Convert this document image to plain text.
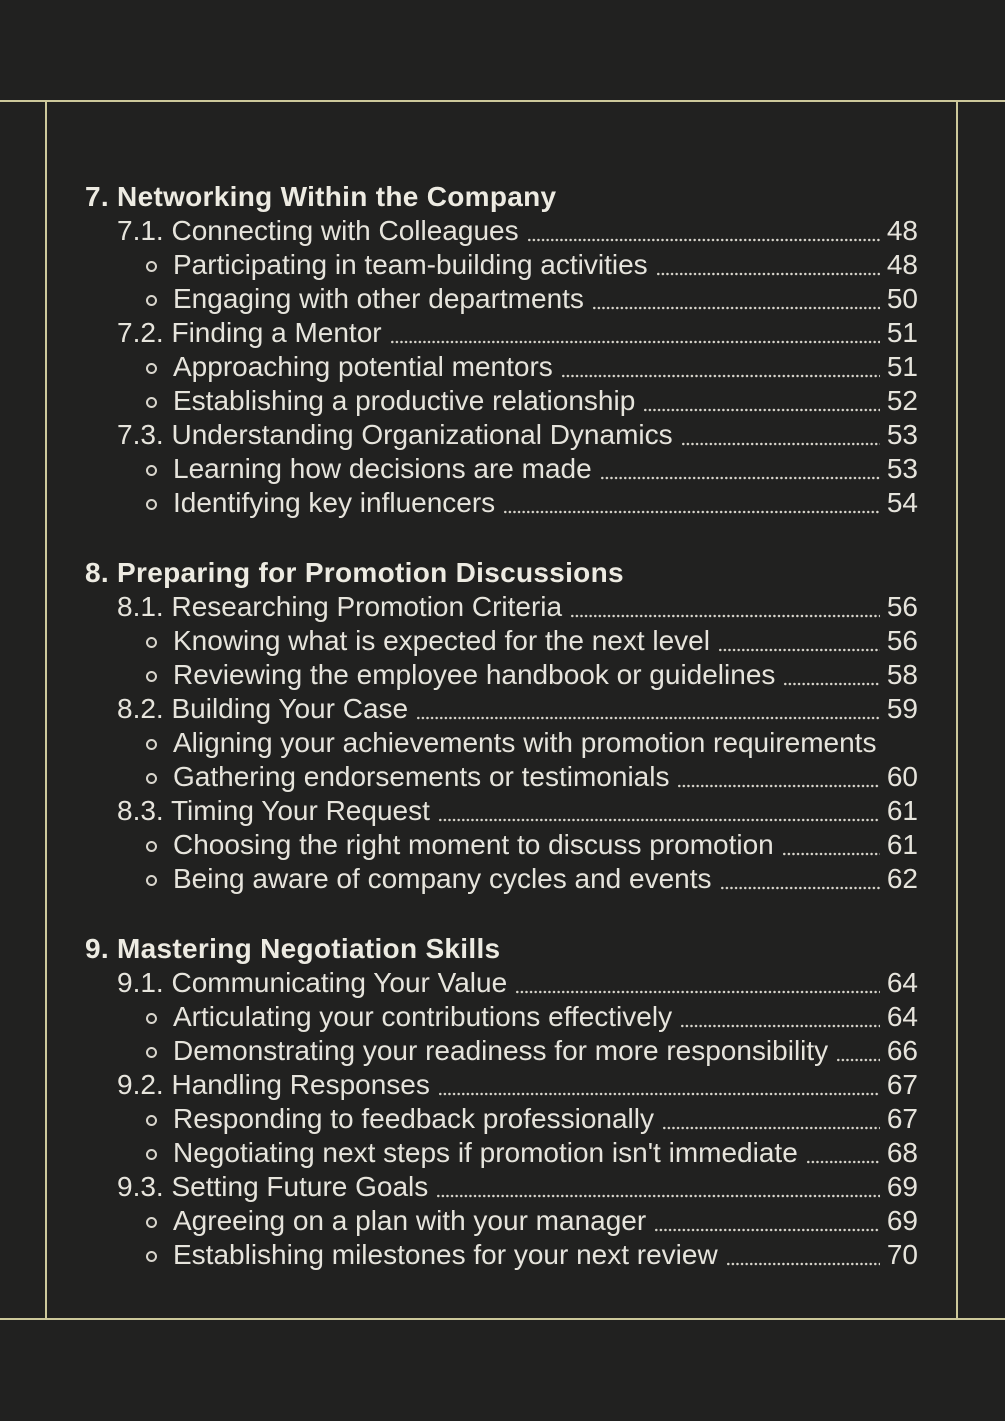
7. Networking Within the Company
7.1. Connecting with Colleagues	48
Participating in team-building activities	48
Engaging with other departments	50
7.2. Finding a Mentor	51
Approaching potential mentors	51
Establishing a productive relationship	52
7.3. Understanding Organizational Dynamics	53
Learning how decisions are made	53
Identifying key influencers	54
8. Preparing for Promotion Discussions
8.1. Researching Promotion Criteria	56
Knowing what is expected for the next level	56
Reviewing the employee handbook or guidelines	58
8.2. Building Your Case	59
Aligning your achievements with promotion requirements
Gathering endorsements or testimonials	60
8.3. Timing Your Request	61
Choosing the right moment to discuss promotion	61
Being aware of company cycles and events	62
9. Mastering Negotiation Skills
9.1. Communicating Your Value	64
Articulating your contributions effectively	64
Demonstrating your readiness for more responsibility 66
9.2. Handling Responses	67
Responding to feedback professionally	67
Negotiating next steps if promotion isn't immediate	68
9.3. Setting Future Goals	69
Agreeing on a plan with your manager	69
Establishing milestones for your next review	70
